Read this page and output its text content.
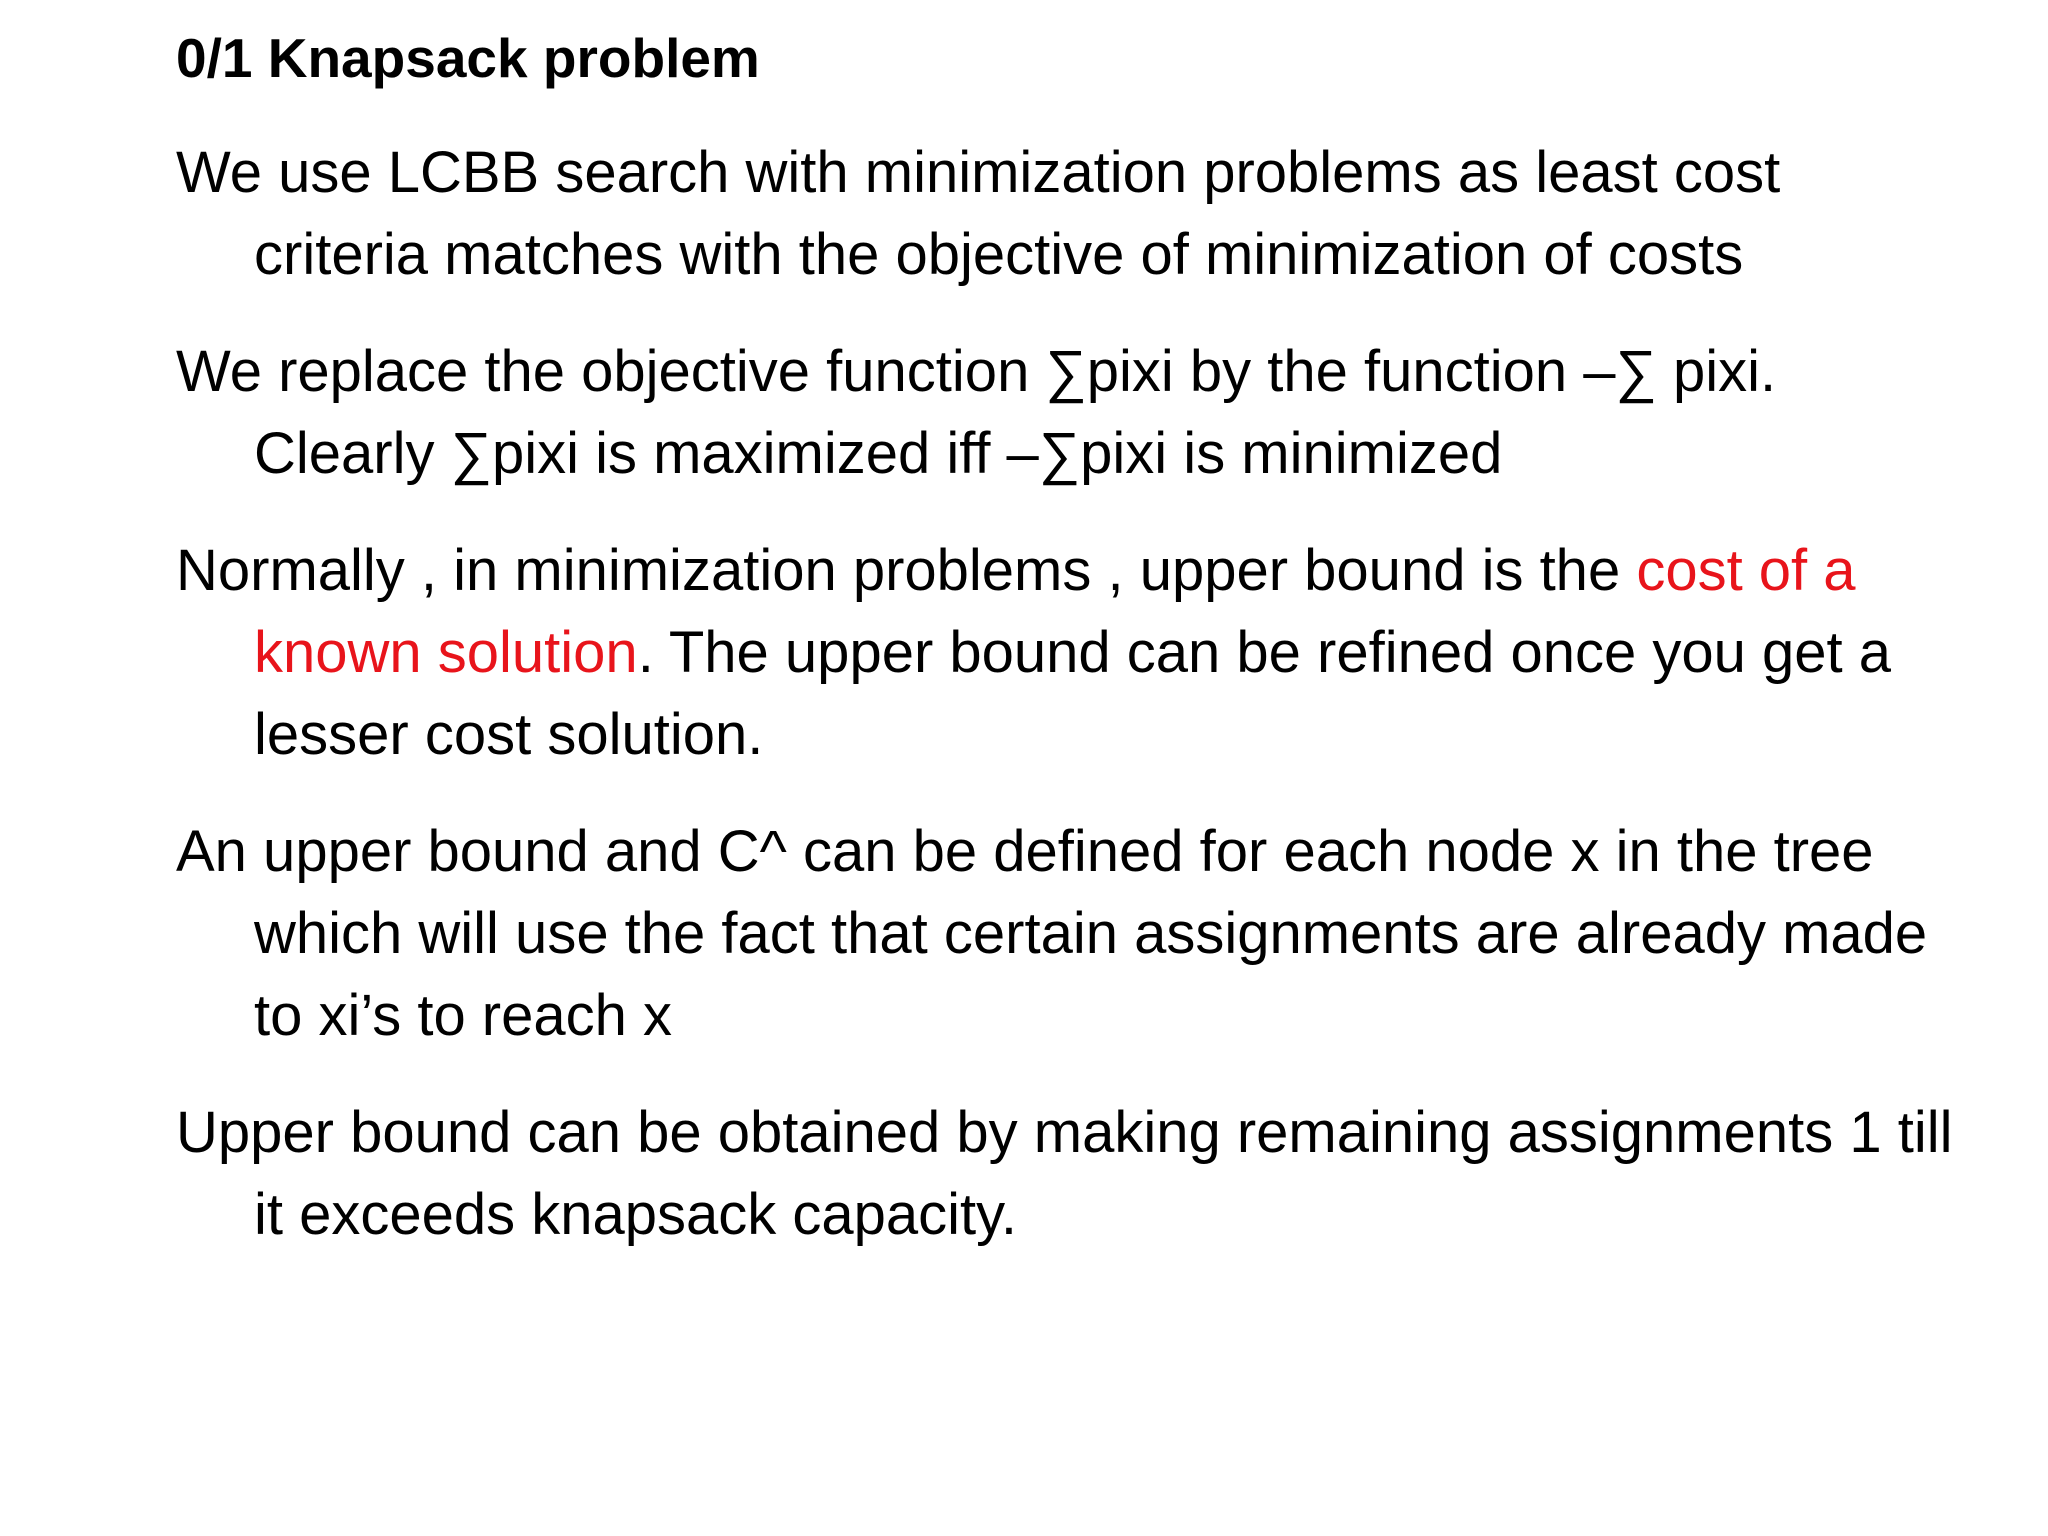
0/1 Knapsack problem
We use LCBB search with minimization problems as least cost criteria matches with the objective of minimization of costs
We replace the objective function ∑pixi by the function –∑ pixi. Clearly ∑pixi is maximized iff –∑pixi is minimized
Normally , in minimization problems , upper bound is the cost of a known solution. The upper bound can be refined once you get a lesser cost solution.
An upper bound and C^ can be defined for each node x in the tree which will use the fact that certain assignments are already made to xi’s to reach x
Upper bound can be obtained by making remaining assignments 1 till it exceeds knapsack capacity.
